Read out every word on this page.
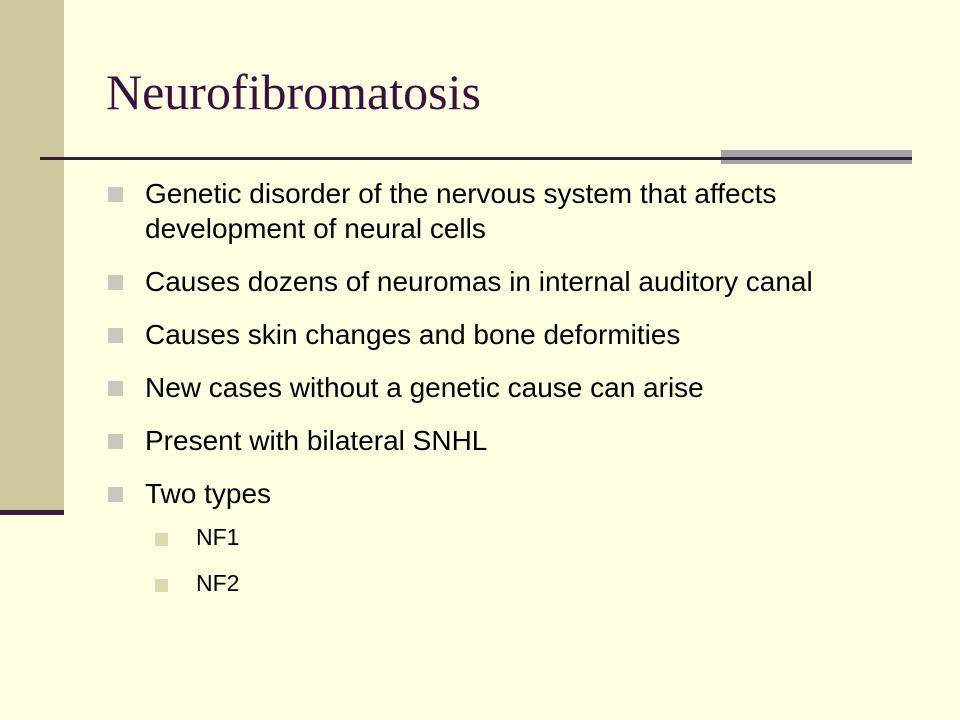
Neurofibromatosis
Genetic disorder of the nervous system that affects development of neural cells
Causes dozens of neuromas in internal auditory canal
Causes skin changes and bone deformities
New cases without a genetic cause can arise
Present with bilateral SNHL
Two types
NF1
NF2
